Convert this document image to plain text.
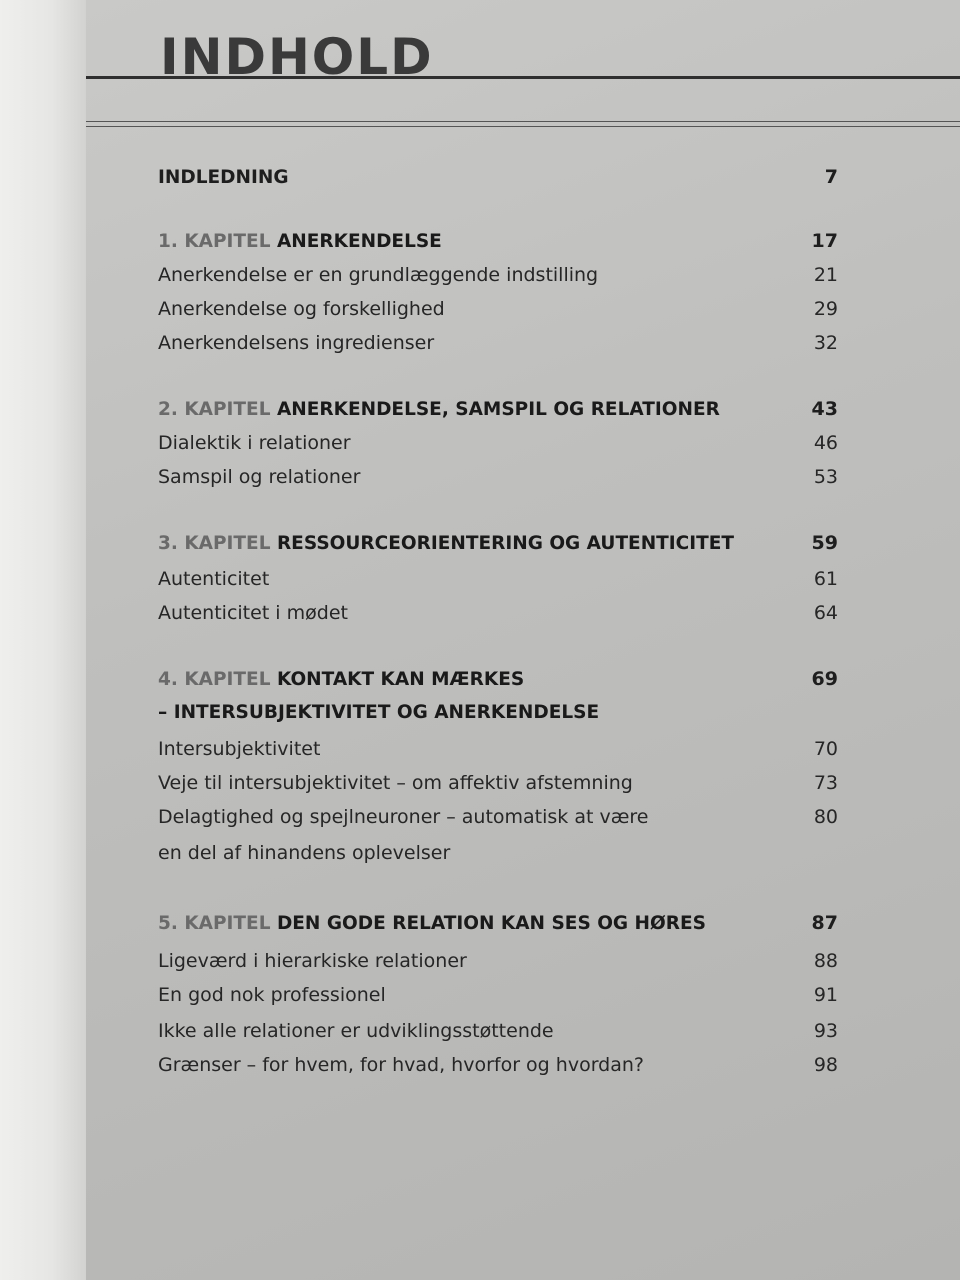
INDHOLD
INDLEDNING	7
1. KAPITEL ANERKENDELSE	17
Anerkendelse er en grundlæggende indstilling	21
Anerkendelse og forskellighed	29
Anerkendelsens ingredienser	32
2. KAPITEL ANERKENDELSE, SAMSPIL OG RELATIONER	43
Dialektik i relationer	46
Samspil og relationer	53
3. KAPITEL RESSOURCEORIENTERING OG AUTENTICITET	59
Autenticitet	61
Autenticitet i mødet	64
4. KAPITEL KONTAKT KAN MÆRKES	69
– INTERSUBJEKTIVITET OG ANERKENDELSE
Intersubjektivitet	70
Veje til intersubjektivitet – om affektiv afstemning	73
Delagtighed og spejlneuroner – automatisk at være	80
en del af hinandens oplevelser
5. KAPITEL DEN GODE RELATION KAN SES OG HØRES	87
Ligeværd i hierarkiske relationer	88
En god nok professionel	91
Ikke alle relationer er udviklingsstøttende	93
Grænser – for hvem, for hvad, hvorfor og hvordan?	98
